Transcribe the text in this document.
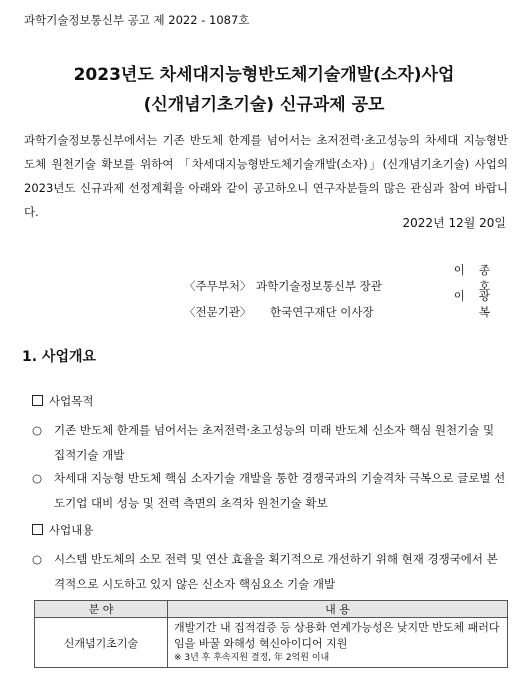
과학기술정보통신부 공고 제 2022 - 1087호
2023년도 차세대지능형반도체기술개발(소자)사업
(신개념기초기술) 신규과제 공모

과학기술정보통신부에서는 기존 반도체 한계를 넘어서는 초저전력·초고성능의 차세대 지능형반도체 원천기술 확보를 위하여 「차세대지능형반도체기술개발(소자)」(신개념기초기술) 사업의 2023년도 신규과제 선정계획을 아래와 같이 공고하오니 연구자분들의 많은 관심과 참여 바랍니다.

2022년 12월 20일
〈주무부처〉 과학기술정보통신부 장관이종호
〈전문기관〉 한국연구재단 이사장이광복
1. 사업개요
사업목적
○ 기존 반도체 한계를 넘어서는 초저전력·초고성능의 미래 반도체 신소자 핵심 원천기술 및 집적기술 개발
○ 차세대 지능형 반도체 핵심 소자기술 개발을 통한 경쟁국과의 기술격차 극복으로 글로벌 선도기업 대비 성능 및 전력 측면의 초격차 원천기술 확보
사업내용
○ 시스템 반도체의 소모 전력 및 연산 효율을 획기적으로 개선하기 위해 현재 경쟁국에서 본격적으로 시도하고 있지 않은 신소자 핵심요소 기술 개발
분 야	내 용
신개념기초기술	개발기간 내 집적검증 등 상용화 연계가능성은 낮지만 반도체 패러다임을 바꿀 와해성 혁신아이디어 지원
※ 3년 후 후속지원 결정, 年 2억원 이내
